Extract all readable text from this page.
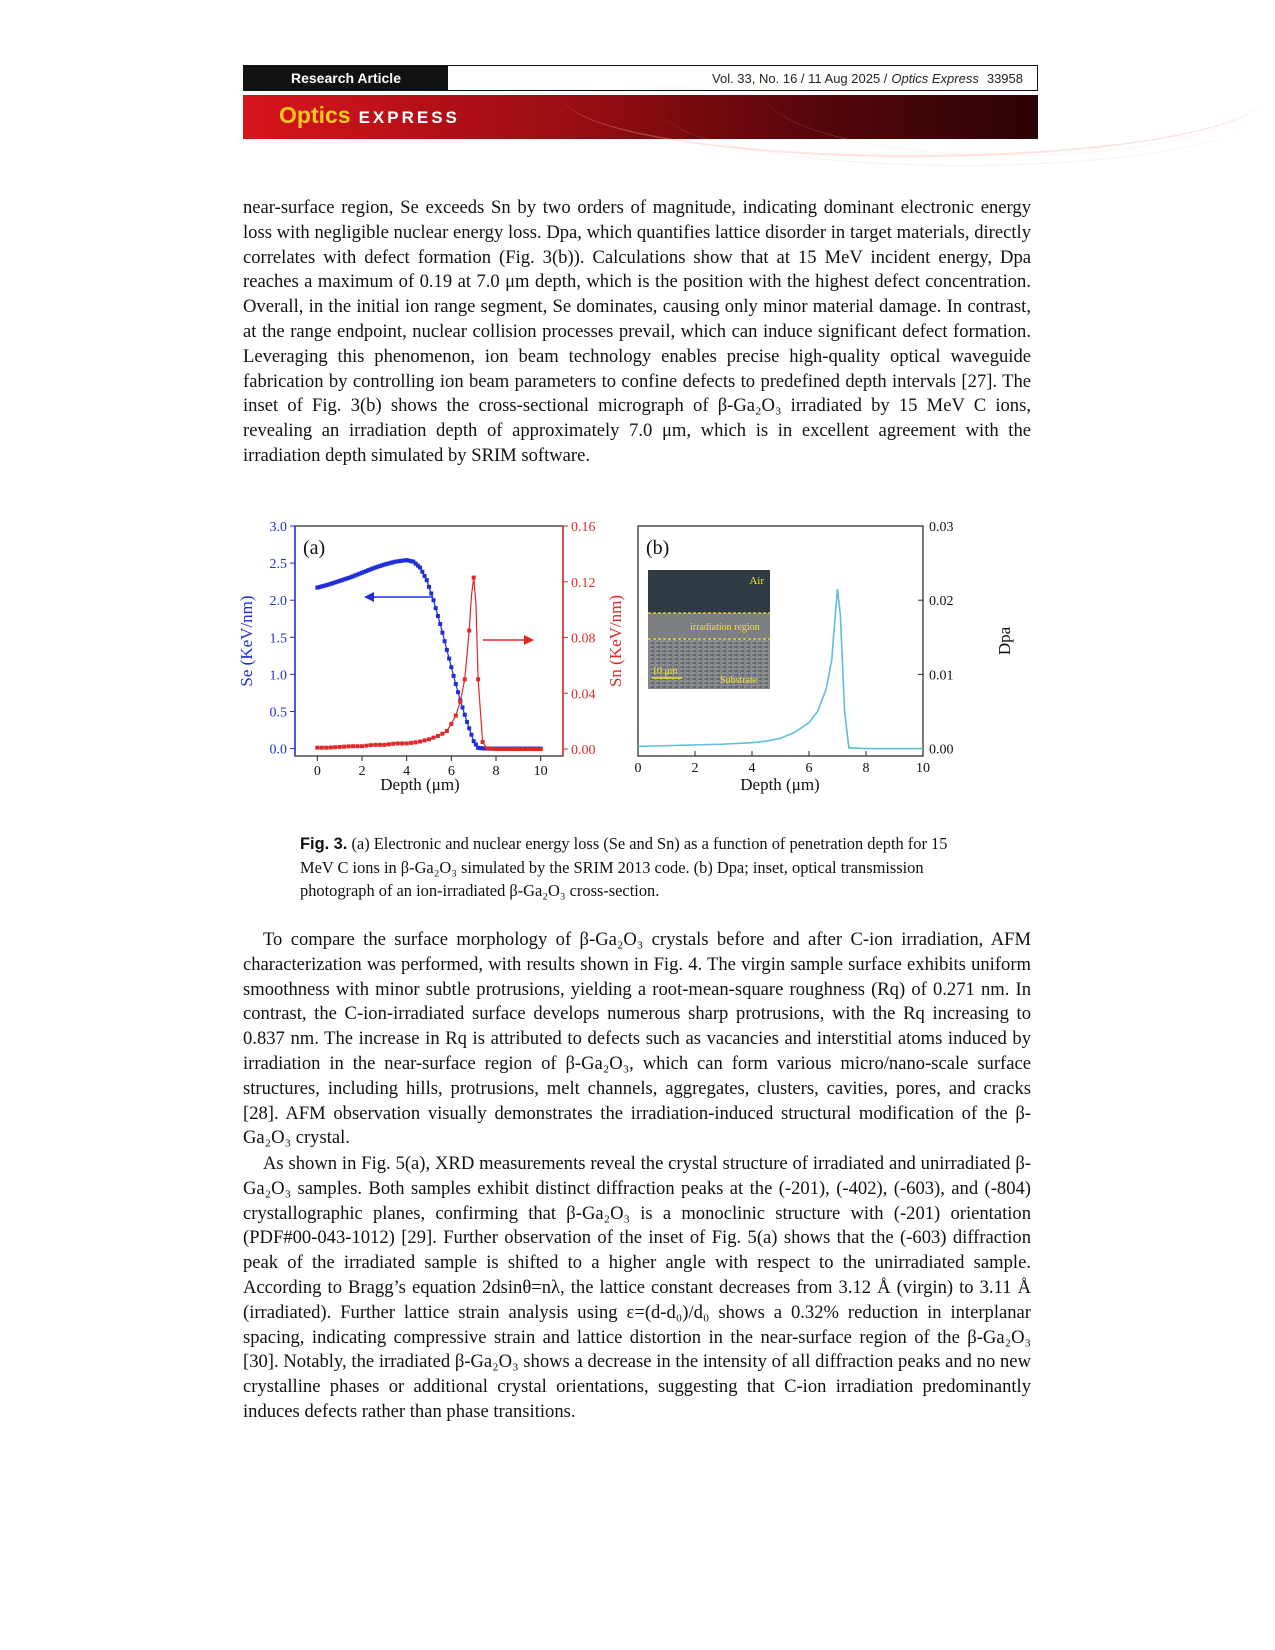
Research Article	Vol. 33, No. 16 / 11 Aug 2025 / Optics Express 33958
Optics EXPRESS

near-surface region, Se exceeds Sn by two orders of magnitude, indicating dominant electronic energy loss with negligible nuclear energy loss. Dpa, which quantifies lattice disorder in target materials, directly correlates with defect formation (Fig. 3(b)). Calculations show that at 15 MeV incident energy, Dpa reaches a maximum of 0.19 at 7.0 μm depth, which is the position with the highest defect concentration. Overall, in the initial ion range segment, Se dominates, causing only minor material damage. In contrast, at the range endpoint, nuclear collision processes prevail, which can induce significant defect formation. Leveraging this phenomenon, ion beam technology enables precise high-quality optical waveguide fabrication by controlling ion beam parameters to confine defects to predefined depth intervals [27]. The inset of Fig. 3(b) shows the cross-sectional micrograph of β-Ga₂O₃ irradiated by 15 MeV C ions, revealing an irradiation depth of approximately 7.0 μm, which is in excellent agreement with the irradiation depth simulated by SRIM software.

(a)
0	2	4	6	8 10
0.0
0.5
1.0
1.5
2.0
2.5
3.0
0.00
0.04
0.08
0.12
0.16
Depth (μm)
Se (KeV/nm)	Sn (KeV/nm)
(b)
0	2	4	6	8	10
0.00
0.01
0.02
0.03
Air
irradiation region
Substrate
10 μm
Depth (μm)
Dpa
Fig. 3. (a) Electronic and nuclear energy loss (Se and Sn) as a function of penetration depth for 15 MeV C ions in β-Ga₂O₃ simulated by the SRIM 2013 code. (b) Dpa; inset, optical transmission photograph of an ion-irradiated β-Ga₂O₃ cross-section.

To compare the surface morphology of β-Ga₂O₃ crystals before and after C-ion irradiation, AFM characterization was performed, with results shown in Fig. 4. The virgin sample surface exhibits uniform smoothness with minor subtle protrusions, yielding a root-mean-square roughness (Rq) of 0.271 nm. In contrast, the C-ion-irradiated surface develops numerous sharp protrusions, with the Rq increasing to 0.837 nm. The increase in Rq is attributed to defects such as vacancies and interstitial atoms induced by irradiation in the near-surface region of β-Ga₂O₃, which can form various micro/nano-scale surface structures, including hills, protrusions, melt channels, aggregates, clusters, cavities, pores, and cracks [28]. AFM observation visually demonstrates the irradiation-induced structural modification of the β-Ga₂O₃ crystal.

As shown in Fig. 5(a), XRD measurements reveal the crystal structure of irradiated and unirradiated β-Ga₂O₃ samples. Both samples exhibit distinct diffraction peaks at the (-201), (-402), (-603), and (-804) crystallographic planes, confirming that β-Ga₂O₃ is a monoclinic structure with (-201) orientation (PDF#00-043-1012) [29]. Further observation of the inset of Fig. 5(a) shows that the (-603) diffraction peak of the irradiated sample is shifted to a higher angle with respect to the unirradiated sample. According to Bragg’s equation 2dsinθ=nλ, the lattice constant decreases from 3.12 Å (virgin) to 3.11 Å (irradiated). Further lattice strain analysis using ε=(d-d₀)/d₀ shows a 0.32% reduction in interplanar spacing, indicating compressive strain and lattice distortion in the near-surface region of the β-Ga₂O₃ [30]. Notably, the irradiated β-Ga₂O₃ shows a decrease in the intensity of all diffraction peaks and no new crystalline phases or additional crystal orientations, suggesting that C-ion irradiation predominantly induces defects rather than phase transitions.
